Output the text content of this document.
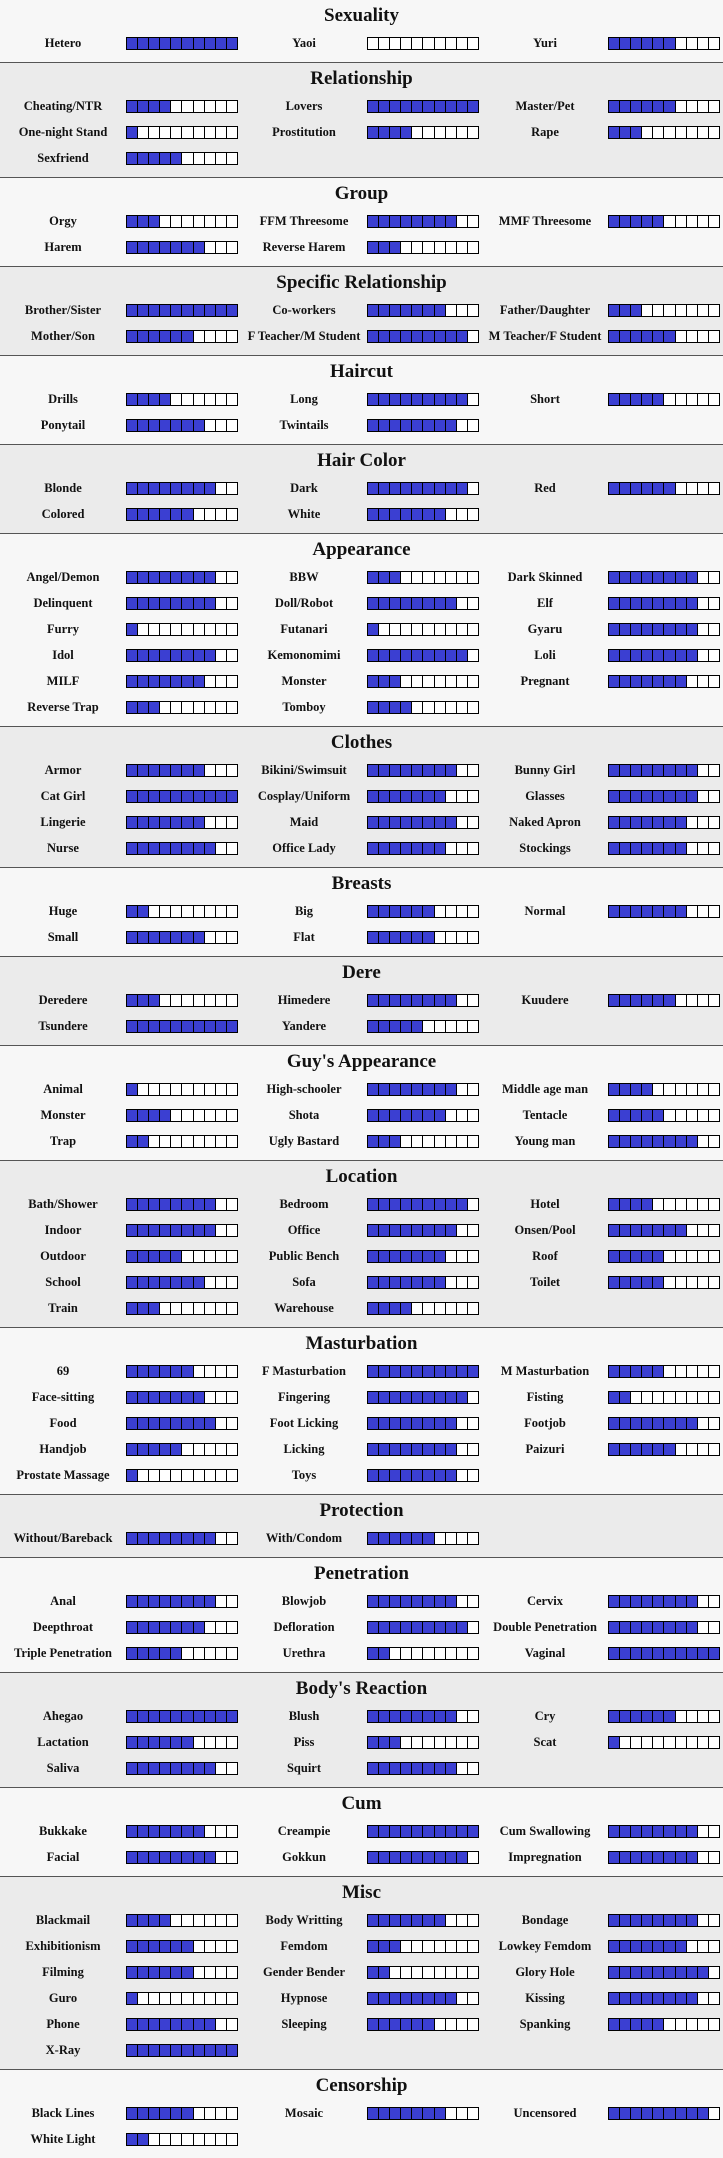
Sexuality
Hetero	Yaoi	Yuri
Relationship
Cheating/NTR	Lovers	Master/Pet
One-night Stand	Prostitution	Rape
Sexfriend
Group
Orgy	FFM Threesome	MMF Threesome
Harem	Reverse Harem
Specific Relationship
Brother/Sister	Co-workers	Father/Daughter
Mother/Son	F Teacher/M Student	M Teacher/F Student
Haircut
Drills	Long	Short
Ponytail	Twintails
Hair Color
Blonde	Dark	Red
Colored	White
Appearance
Angel/Demon	BBW	Dark Skinned
Delinquent	Doll/Robot	Elf
Furry	Futanari	Gyaru
Idol	Kemonomimi	Loli
MILF	Monster	Pregnant
Reverse Trap	Tomboy
Clothes
Armor	Bikini/Swimsuit	Bunny Girl
Cat Girl	Cosplay/Uniform	Glasses
Lingerie	Maid	Naked Apron
Nurse	Office Lady	Stockings
Breasts
Huge	Big	Normal
Small	Flat
Dere
Deredere	Himedere	Kuudere
Tsundere	Yandere
Guy's Appearance
Animal	High-schooler	Middle age man
Monster	Shota	Tentacle
Trap	Ugly Bastard	Young man
Location
Bath/Shower	Bedroom	Hotel
Indoor	Office	Onsen/Pool
Outdoor	Public Bench	Roof
School	Sofa	Toilet
Train	Warehouse
Masturbation
69	F Masturbation	M Masturbation
Face-sitting	Fingering	Fisting
Food	Foot Licking	Footjob
Handjob	Licking	Paizuri
Prostate Massage	Toys
Protection
Without/Bareback	With/Condom
Penetration
Anal	Blowjob	Cervix
Deepthroat	Defloration	Double Penetration
Triple Penetration	Urethra	Vaginal
Body's Reaction
Ahegao	Blush	Cry
Lactation	Piss	Scat
Saliva	Squirt
Cum
Bukkake	Creampie	Cum Swallowing
Facial	Gokkun	Impregnation
Misc
Blackmail	Body Writting	Bondage
Exhibitionism	Femdom	Lowkey Femdom
Filming	Gender Bender	Glory Hole
Guro	Hypnose	Kissing
Phone	Sleeping	Spanking
X-Ray
Censorship
Black Lines	Mosaic	Uncensored
White Light
